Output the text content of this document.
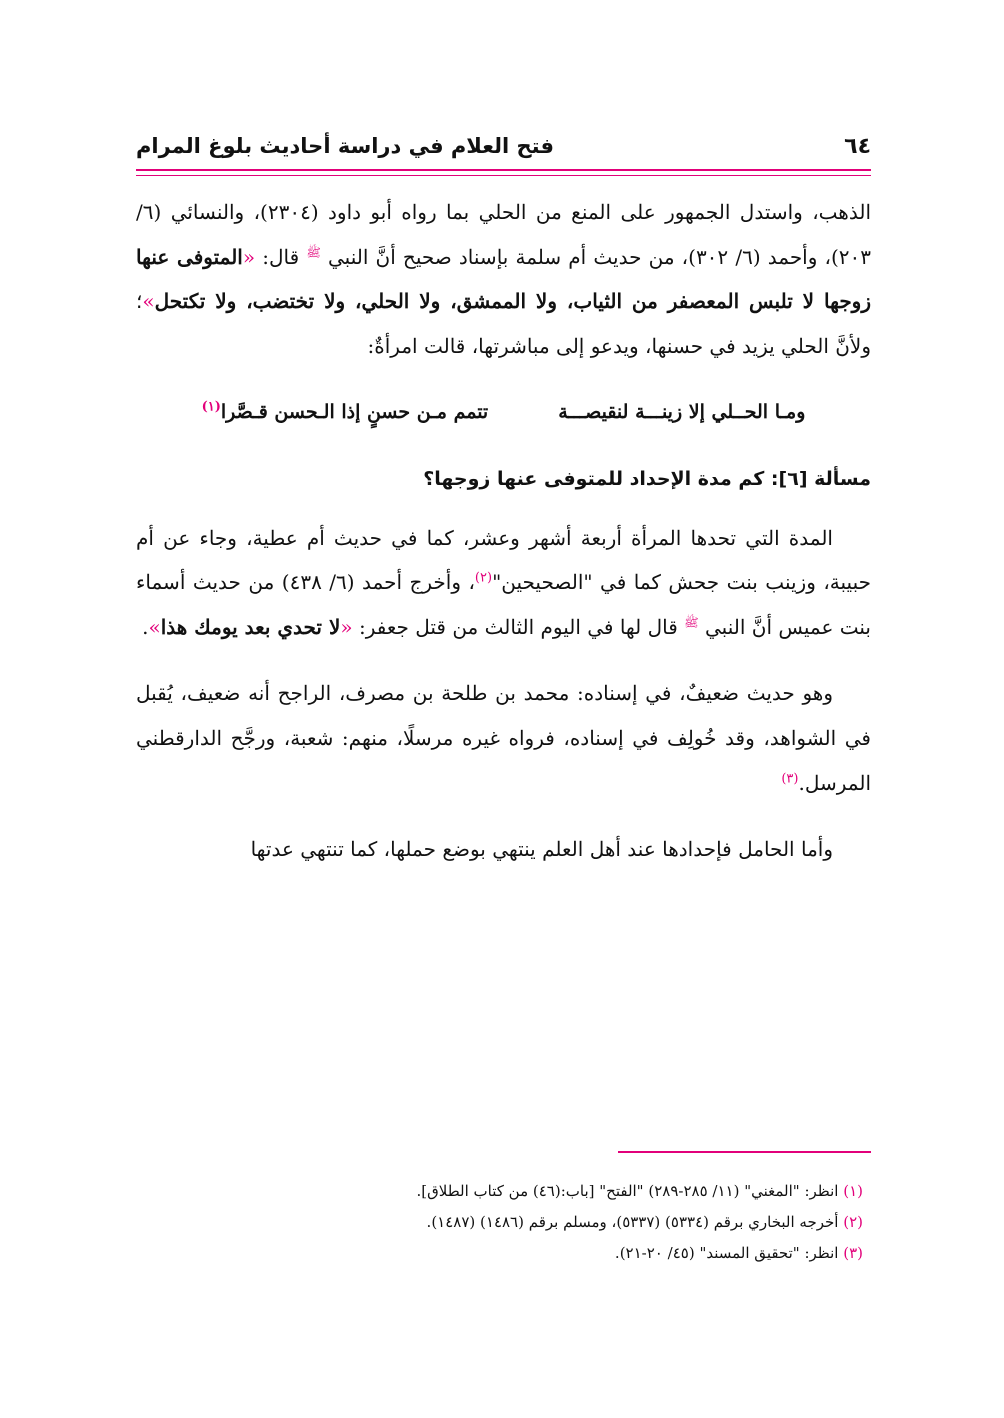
٦٤
فتح العلام في دراسة أحاديث بلوغ المرام

الذهب، واستدل الجمهور على المنع من الحلي بما رواه أبو داود (٢٣٠٤)، والنسائي (٦/ ٢٠٣)، وأحمد (٦/ ٣٠٢)، من حديث أم سلمة بإسناد صحيح أنَّ النبي $^ﷺ$ قال: «المتوفى عنها زوجها لا تلبس المعصفر من الثياب، ولا الممشق، ولا الحلي، ولا تختضب، ولا تكتحل»؛ ولأنَّ الحلي يزيد في حسنها، ويدعو إلى مباشرتها، قالت امرأةٌ:

ومـا الحــلي إلا زينـــة لنقيصـــة
تتمم مـن حسنٍ إذا الـحسن قـصَّرا$^{(١)}$
مسألة [٦]: كم مدة الإحداد للمتوفى عنها زوجها؟

المدة التي تحدها المرأة أربعة أشهر وعشر، كما في حديث أم عطية، وجاء عن أم حبيبة، وزينب بنت جحش كما في "الصحيحين"$^{(٢)}$، وأخرج أحمد (٦/ ٤٣٨) من حديث أسماء بنت عميس أنَّ النبي $^ﷺ$ قال لها في اليوم الثالث من قتل جعفر: «لا تحدي بعد يومك هذا».

وهو حديث ضعيفٌ، في إسناده: محمد بن طلحة بن مصرف، الراجح أنه ضعيف، يُقبل في الشواهد، وقد خُولِف في إسناده، فرواه غيره مرسلًا، منهم: شعبة، ورجَّح الدارقطني المرسل.$^{(٣)}$

وأما الحامل فإحدادها عند أهل العلم ينتهي بوضع حملها، كما تنتهي عدتها

(١) انظر: "المغني" (١١/ ٢٨٥-٢٨٩) "الفتح" [باب:(٤٦) من كتاب الطلاق].

(٢) أخرجه البخاري برقم (٥٣٣٤) (٥٣٣٧)، ومسلم برقم (١٤٨٦) (١٤٨٧).

(٣) انظر: "تحقيق المسند" (٤٥/ ٢٠-٢١).
